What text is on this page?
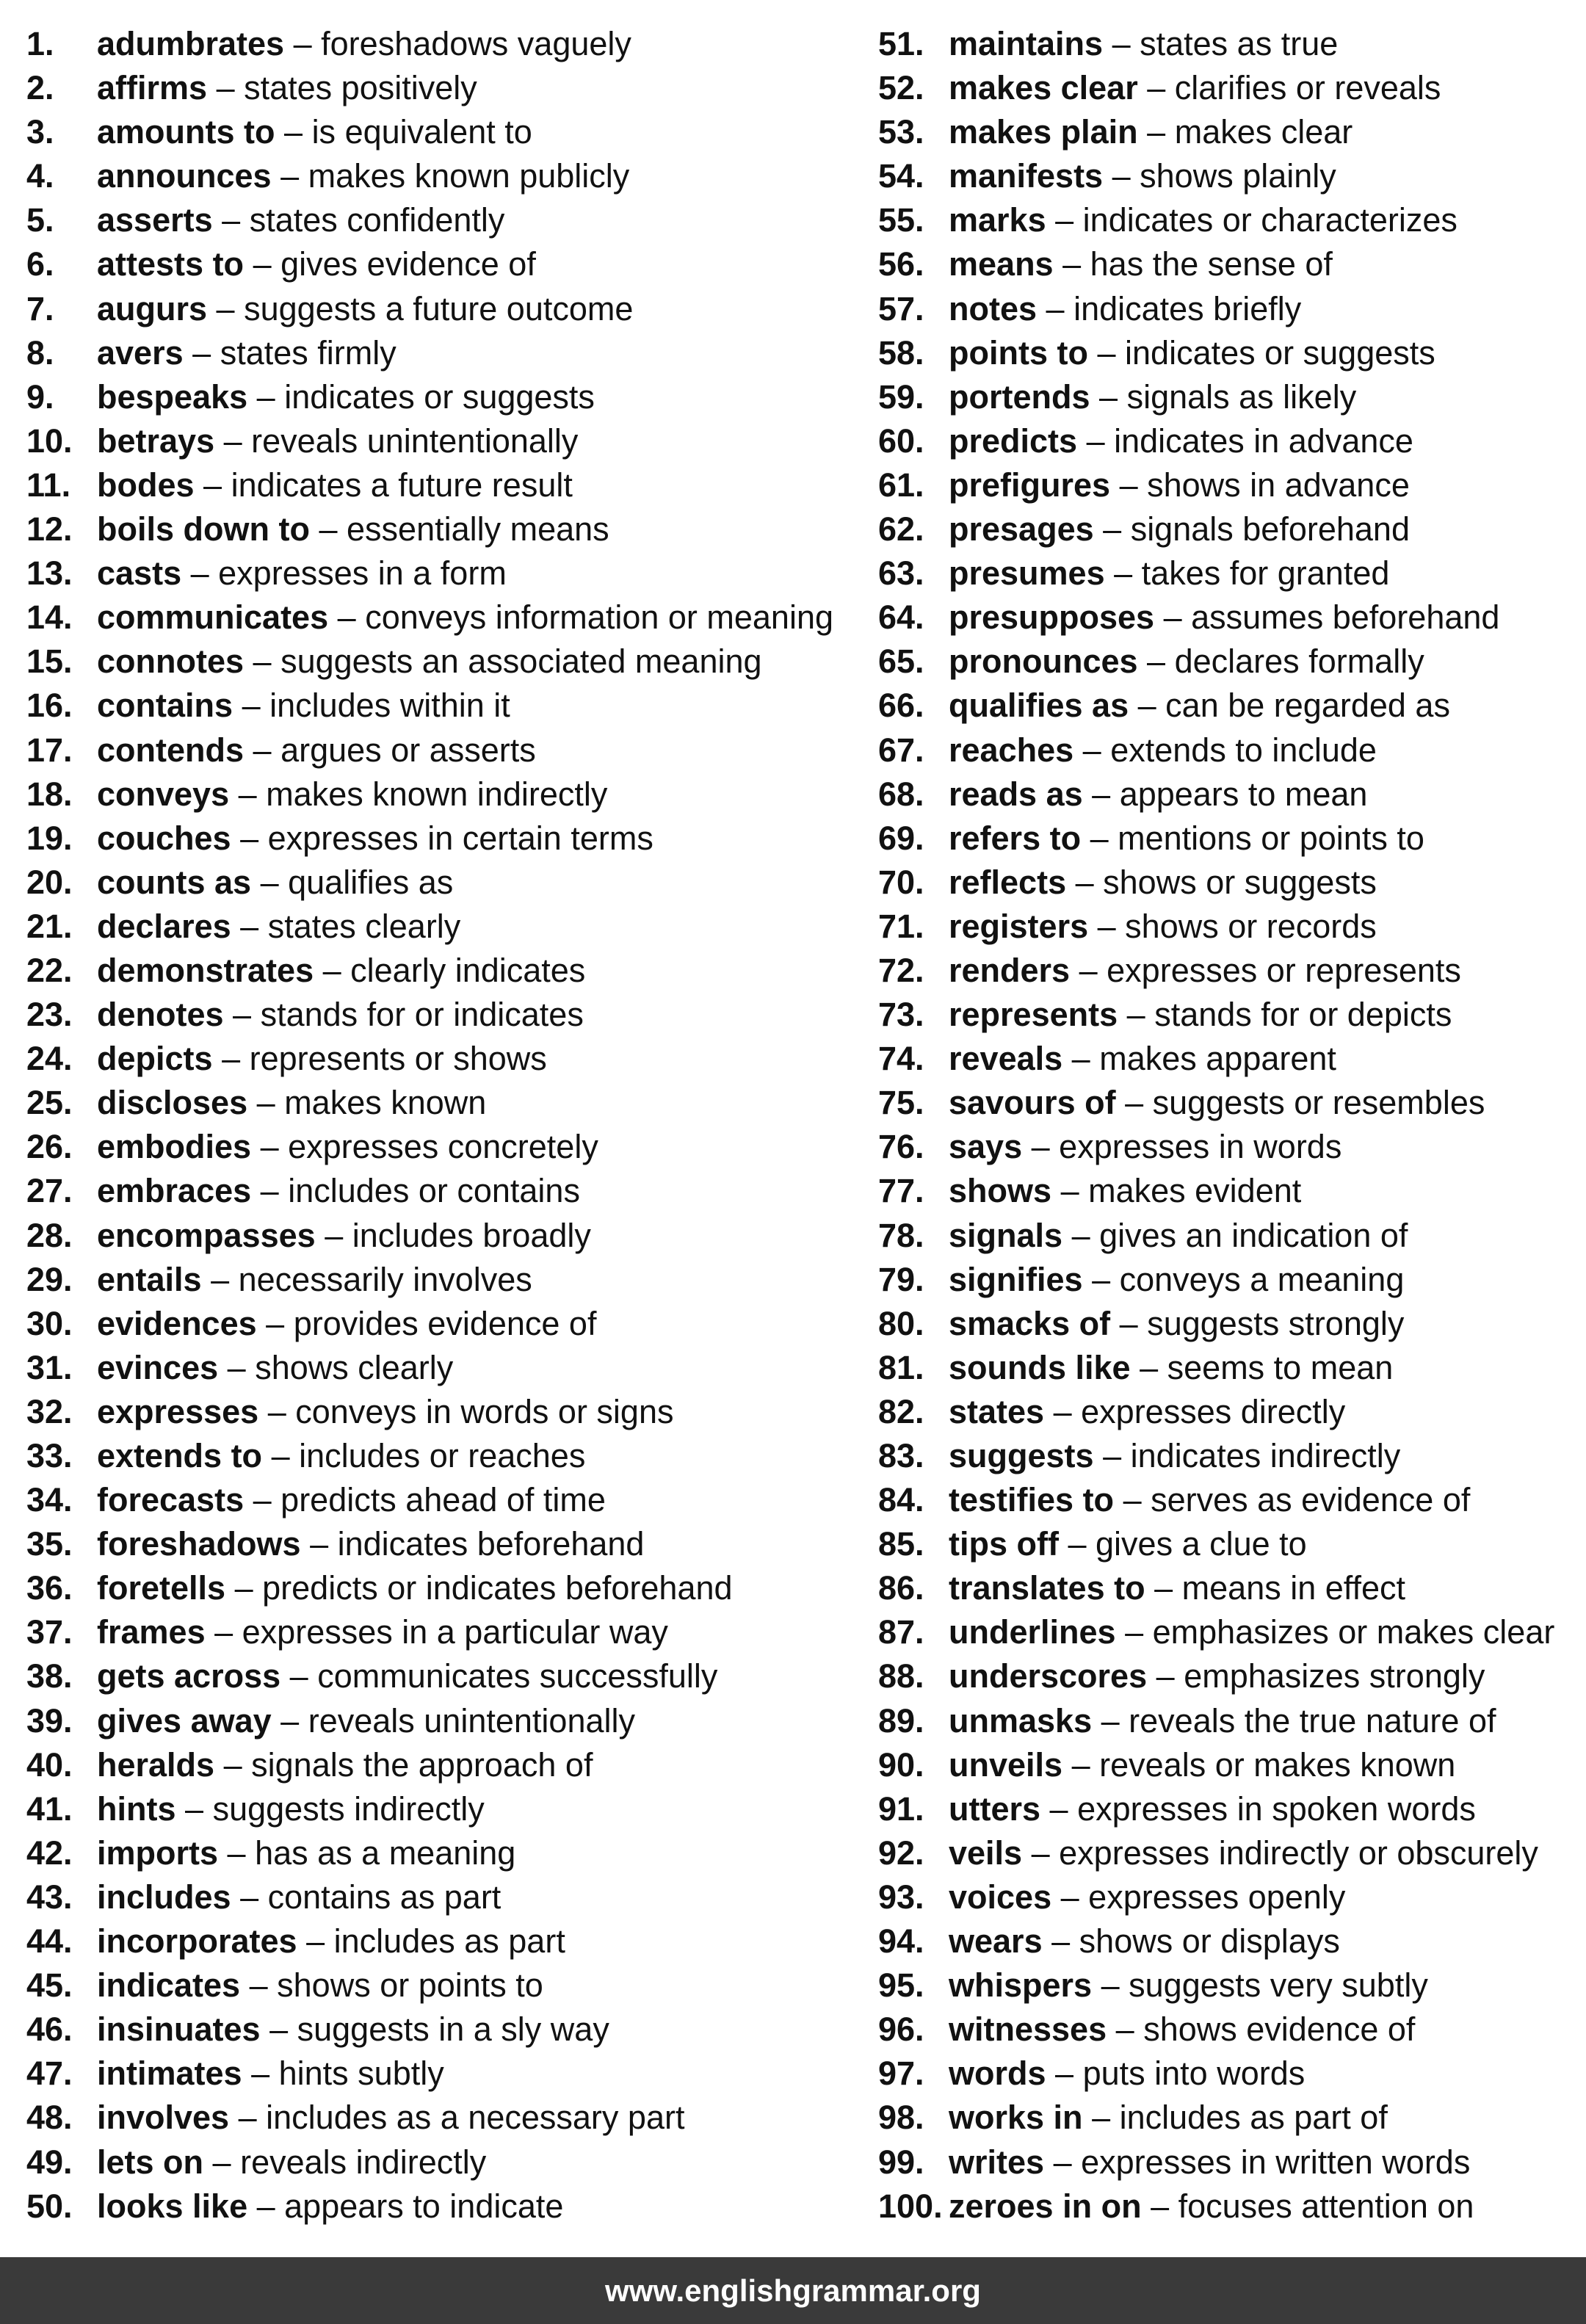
1. adumbrates – foreshadows vaguely
2. affirms – states positively
3. amounts to – is equivalent to
4. announces – makes known publicly
5. asserts – states confidently
6. attests to – gives evidence of
7. augurs – suggests a future outcome
8. avers – states firmly
9. bespeaks – indicates or suggests
10. betrays – reveals unintentionally
11. bodes – indicates a future result
12. boils down to – essentially means
13. casts – expresses in a form
14. communicates – conveys information or meaning
15. connotes – suggests an associated meaning
16. contains – includes within it
17. contends – argues or asserts
18. conveys – makes known indirectly
19. couches – expresses in certain terms
20. counts as – qualifies as
21. declares – states clearly
22. demonstrates – clearly indicates
23. denotes – stands for or indicates
24. depicts – represents or shows
25. discloses – makes known
26. embodies – expresses concretely
27. embraces – includes or contains
28. encompasses – includes broadly
29. entails – necessarily involves
30. evidences – provides evidence of
31. evinces – shows clearly
32. expresses – conveys in words or signs
33. extends to – includes or reaches
34. forecasts – predicts ahead of time
35. foreshadows – indicates beforehand
36. foretells – predicts or indicates beforehand
37. frames – expresses in a particular way
38. gets across – communicates successfully
39. gives away – reveals unintentionally
40. heralds – signals the approach of
41. hints – suggests indirectly
42. imports – has as a meaning
43. includes – contains as part
44. incorporates – includes as part
45. indicates – shows or points to
46. insinuates – suggests in a sly way
47. intimates – hints subtly
48. involves – includes as a necessary part
49. lets on – reveals indirectly
50. looks like – appears to indicate
51. maintains – states as true
52. makes clear – clarifies or reveals
53. makes plain – makes clear
54. manifests – shows plainly
55. marks – indicates or characterizes
56. means – has the sense of
57. notes – indicates briefly
58. points to – indicates or suggests
59. portends – signals as likely
60. predicts – indicates in advance
61. prefigures – shows in advance
62. presages – signals beforehand
63. presumes – takes for granted
64. presupposes – assumes beforehand
65. pronounces – declares formally
66. qualifies as – can be regarded as
67. reaches – extends to include
68. reads as – appears to mean
69. refers to – mentions or points to
70. reflects – shows or suggests
71. registers – shows or records
72. renders – expresses or represents
73. represents – stands for or depicts
74. reveals – makes apparent
75. savours of – suggests or resembles
76. says – expresses in words
77. shows – makes evident
78. signals – gives an indication of
79. signifies – conveys a meaning
80. smacks of – suggests strongly
81. sounds like – seems to mean
82. states – expresses directly
83. suggests – indicates indirectly
84. testifies to – serves as evidence of
85. tips off – gives a clue to
86. translates to – means in effect
87. underlines – emphasizes or makes clear
88. underscores – emphasizes strongly
89. unmasks – reveals the true nature of
90. unveils – reveals or makes known
91. utters – expresses in spoken words
92. veils – expresses indirectly or obscurely
93. voices – expresses openly
94. wears – shows or displays
95. whispers – suggests very subtly
96. witnesses – shows evidence of
97. words – puts into words
98. works in – includes as part of
99. writes – expresses in written words
100. zeroes in on – focuses attention on
www.englishgrammar.org
